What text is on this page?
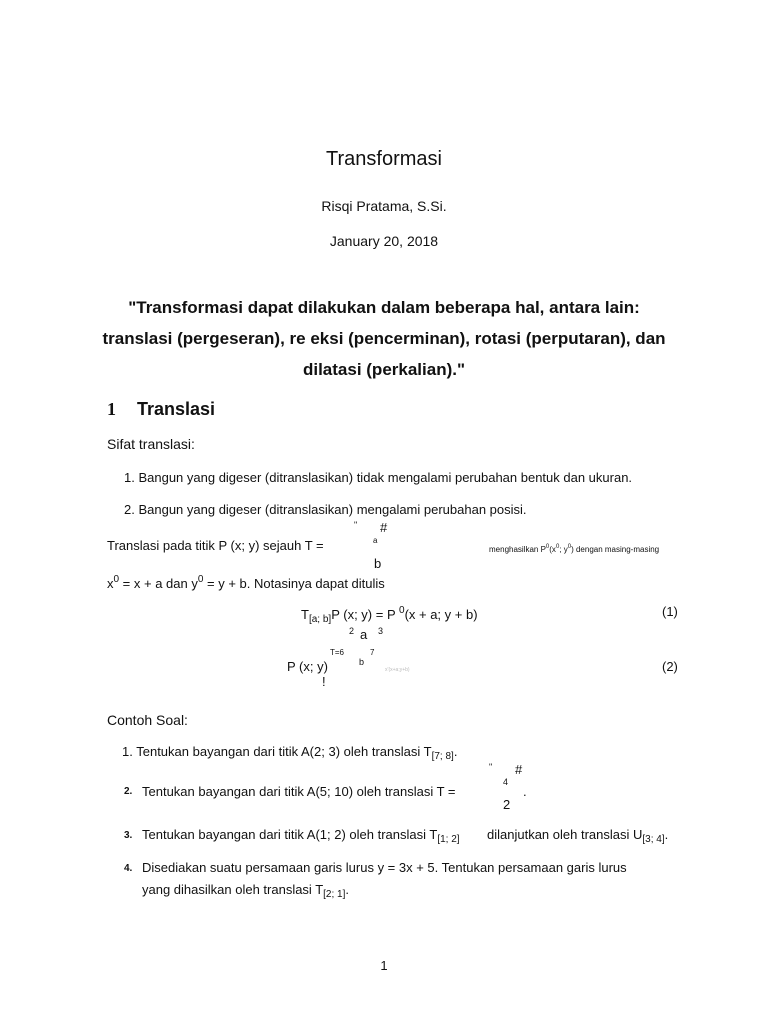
Transformasi
Risqi Pratama, S.Si.
January 20, 2018
"Transformasi dapat dilakukan dalam beberapa hal, antara lain:
translasi (pergeseran), re eksi (pencerminan), rotasi (perputaran), dan
dilatasi (perkalian)."
1 Translasi
Sifat translasi:
1. Bangun yang digeser (ditranslasikan) tidak mengalami perubahan bentuk dan ukuran.
2. Bangun yang digeser (ditranslasikan) mengalami perubahan posisi.
" #
a
b
Translasi pada titik P (x; y) sejauh T =	menghasilkan $P^0(x^0$; $y^0$) dengan masing-masing
$x^0 = x + a$ dan $y^0 = y + b$. Notasinya dapat ditulis
$T_{[a; b]}P$ (x; y) = P $^0$(x + a; y + b)	(1)
2 a 3
T=6	7
P (x; y)	b
x'(x+a;y+b)
!
(2)
Contoh Soal:
1. Tentukan bayangan dari titik A(2; 3) oleh translasi $T_{[7; 8]}$.
" #
4
2
2. Tentukan bayangan dari titik A(5; 10) oleh translasi T =	.
3. Tentukan bayangan dari titik A(1; 2) oleh translasi $T_{[1; 2]}$ dilanjutkan oleh translasi $U_{[3; 4]}$.
4. Disediakan suatu persamaan garis lurus y = 3x + 5. Tentukan persamaan garis lurus
yang dihasilkan oleh translasi $T_{[2; 1]}$.
1
